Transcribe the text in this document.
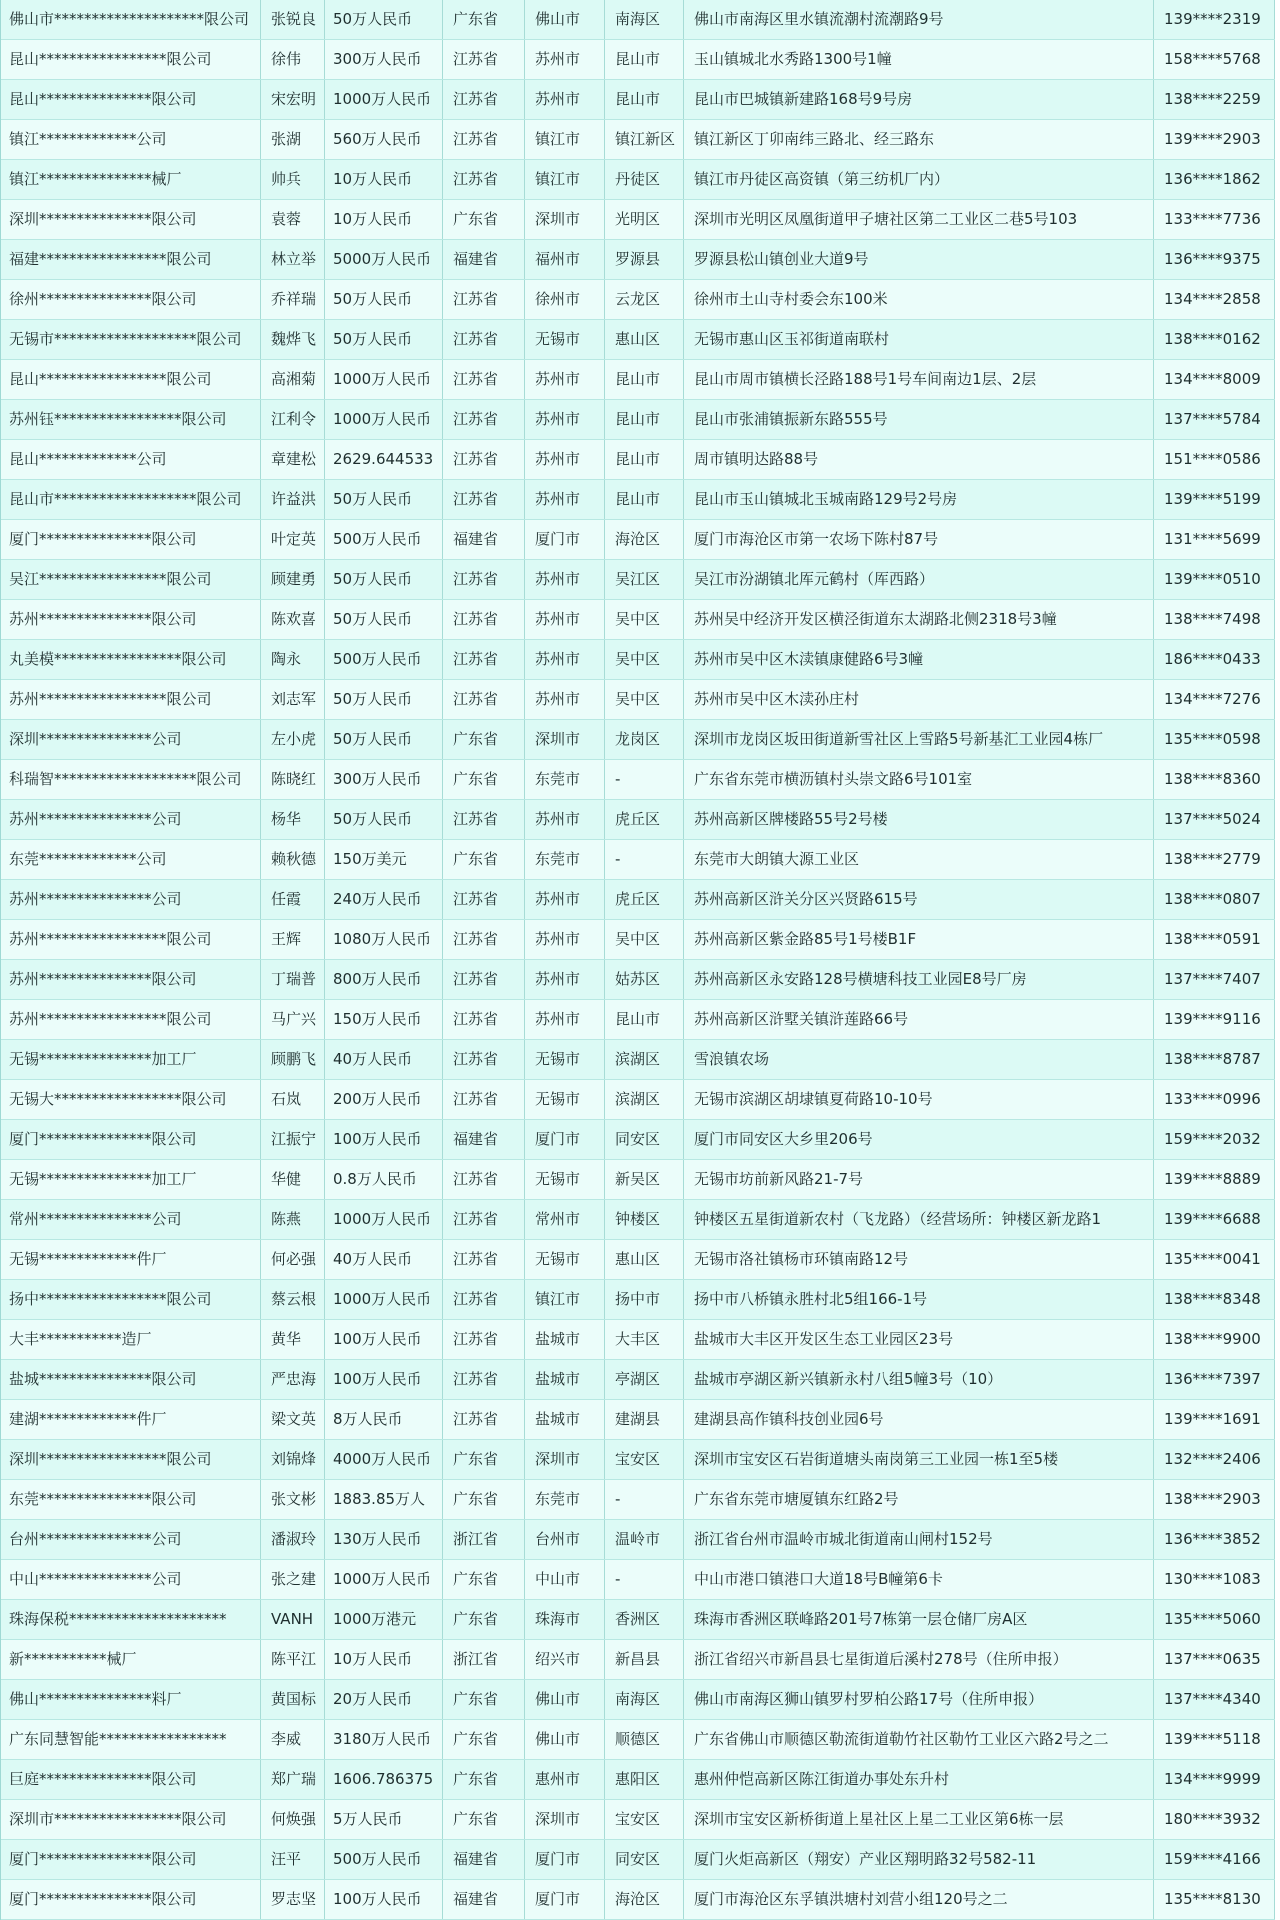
佛山市********************限公司	张锐良	50万人民币	广东省	佛山市	南海区	佛山市南海区里水镇流潮村流潮路9号	139****2319
昆山*****************限公司	徐伟	300万人民币	江苏省	苏州市	昆山市	玉山镇城北水秀路1300号1幢	158****5768
昆山***************限公司	宋宏明	1000万人民币	江苏省	苏州市	昆山市	昆山市巴城镇新建路168号9号房	138****2259
镇江*************公司	张湖	560万人民币	江苏省	镇江市	镇江新区	镇江新区丁卯南纬三路北、经三路东	139****2903
镇江***************械厂	帅兵	10万人民币	江苏省	镇江市	丹徒区	镇江市丹徒区高资镇（第三纺机厂内）	136****1862
深圳***************限公司	袁蓉	10万人民币	广东省	深圳市	光明区	深圳市光明区凤凰街道甲子塘社区第二工业区二巷5号103	133****7736
福建*****************限公司	林立举	5000万人民币	福建省	福州市	罗源县	罗源县松山镇创业大道9号	136****9375
徐州***************限公司	乔祥瑞	50万人民币	江苏省	徐州市	云龙区	徐州市土山寺村委会东100米	134****2858
无锡市*******************限公司	魏烨飞	50万人民币	江苏省	无锡市	惠山区	无锡市惠山区玉祁街道南联村	138****0162
昆山*****************限公司	高湘菊	1000万人民币	江苏省	苏州市	昆山市	昆山市周市镇横长泾路188号1号车间南边1层、2层	134****8009
苏州钰*****************限公司	江利令	1000万人民币	江苏省	苏州市	昆山市	昆山市张浦镇振新东路555号	137****5784
昆山*************公司	章建松	2629.644533	江苏省	苏州市	昆山市	周市镇明达路88号	151****0586
昆山市*******************限公司	许益洪	50万人民币	江苏省	苏州市	昆山市	昆山市玉山镇城北玉城南路129号2号房	139****5199
厦门***************限公司	叶定英	500万人民币	福建省	厦门市	海沧区	厦门市海沧区市第一农场下陈村87号	131****5699
吴江*****************限公司	顾建勇	50万人民币	江苏省	苏州市	吴江区	吴江市汾湖镇北厍元鹤村（厍西路）	139****0510
苏州***************限公司	陈欢喜	50万人民币	江苏省	苏州市	吴中区	苏州吴中经济开发区横泾街道东太湖路北侧2318号3幢	138****7498
丸美模*****************限公司	陶永	500万人民币	江苏省	苏州市	吴中区	苏州市吴中区木渎镇康健路6号3幢	186****0433
苏州*****************限公司	刘志军	50万人民币	江苏省	苏州市	吴中区	苏州市吴中区木渎孙庄村	134****7276
深圳***************公司	左小虎	50万人民币	广东省	深圳市	龙岗区	深圳市龙岗区坂田街道新雪社区上雪路5号新基汇工业园4栋厂	135****0598
科瑞智*******************限公司	陈晓红	300万人民币	广东省	东莞市	-	广东省东莞市横沥镇村头崇文路6号101室	138****8360
苏州***************公司	杨华	50万人民币	江苏省	苏州市	虎丘区	苏州高新区牌楼路55号2号楼	137****5024
东莞*************公司	赖秋德	150万美元	广东省	东莞市	-	东莞市大朗镇大源工业区	138****2779
苏州***************公司	任霞	240万人民币	江苏省	苏州市	虎丘区	苏州高新区浒关分区兴贤路615号	138****0807
苏州*****************限公司	王辉	1080万人民币	江苏省	苏州市	吴中区	苏州高新区紫金路85号1号楼B1F	138****0591
苏州***************限公司	丁瑞普	800万人民币	江苏省	苏州市	姑苏区	苏州高新区永安路128号横塘科技工业园E8号厂房	137****7407
苏州*****************限公司	马广兴	150万人民币	江苏省	苏州市	昆山市	苏州高新区浒墅关镇浒莲路66号	139****9116
无锡***************加工厂	顾鹏飞	40万人民币	江苏省	无锡市	滨湖区	雪浪镇农场	138****8787
无锡大*****************限公司	石岚	200万人民币	江苏省	无锡市	滨湖区	无锡市滨湖区胡埭镇夏荷路10-10号	133****0996
厦门***************限公司	江振宁	100万人民币	福建省	厦门市	同安区	厦门市同安区大乡里206号	159****2032
无锡***************加工厂	华健	0.8万人民币	江苏省	无锡市	新吴区	无锡市坊前新风路21-7号	139****8889
常州***************公司	陈燕	1000万人民币	江苏省	常州市	钟楼区	钟楼区五星街道新农村（飞龙路）（经营场所：钟楼区新龙路1	139****6688
无锡*************件厂	何必强	40万人民币	江苏省	无锡市	惠山区	无锡市洛社镇杨市环镇南路12号	135****0041
扬中*****************限公司	蔡云根	1000万人民币	江苏省	镇江市	扬中市	扬中市八桥镇永胜村北5组166-1号	138****8348
大丰***********造厂	黄华	100万人民币	江苏省	盐城市	大丰区	盐城市大丰区开发区生态工业园区23号	138****9900
盐城***************限公司	严忠海	100万人民币	江苏省	盐城市	亭湖区	盐城市亭湖区新兴镇新永村八组5幢3号（10）	136****7397
建湖*************件厂	梁文英	8万人民币	江苏省	盐城市	建湖县	建湖县高作镇科技创业园6号	139****1691
深圳*****************限公司	刘锦烽	4000万人民币	广东省	深圳市	宝安区	深圳市宝安区石岩街道塘头南岗第三工业园一栋1至5楼	132****2406
东莞***************限公司	张文彬	1883.85万人	广东省	东莞市	-	广东省东莞市塘厦镇东红路2号	138****2903
台州***************公司	潘淑玲	130万人民币	浙江省	台州市	温岭市	浙江省台州市温岭市城北街道南山闸村152号	136****3852
中山***************公司	张之建	1000万人民币	广东省	中山市	-	中山市港口镇港口大道18号B幢第6卡	130****1083
珠海保税*********************	VANH	1000万港元	广东省	珠海市	香洲区	珠海市香洲区联峰路201号7栋第一层仓储厂房A区	135****5060
新***********械厂	陈平江	10万人民币	浙江省	绍兴市	新昌县	浙江省绍兴市新昌县七星街道后溪村278号（住所申报）	137****0635
佛山***************料厂	黄国标	20万人民币	广东省	佛山市	南海区	佛山市南海区狮山镇罗村罗柏公路17号（住所申报）	137****4340
广东同慧智能*****************	李威	3180万人民币	广东省	佛山市	顺德区	广东省佛山市顺德区勒流街道勒竹社区勒竹工业区六路2号之二	139****5118
巨庭***************限公司	郑广瑞	1606.786375	广东省	惠州市	惠阳区	惠州仲恺高新区陈江街道办事处东升村	134****9999
深圳市*****************限公司	何焕强	5万人民币	广东省	深圳市	宝安区	深圳市宝安区新桥街道上星社区上星二工业区第6栋一层	180****3932
厦门***************限公司	汪平	500万人民币	福建省	厦门市	同安区	厦门火炬高新区（翔安）产业区翔明路32号582-11	159****4166
厦门***************限公司	罗志坚	100万人民币	福建省	厦门市	海沧区	厦门市海沧区东孚镇洪塘村刘营小组120号之二	135****8130
